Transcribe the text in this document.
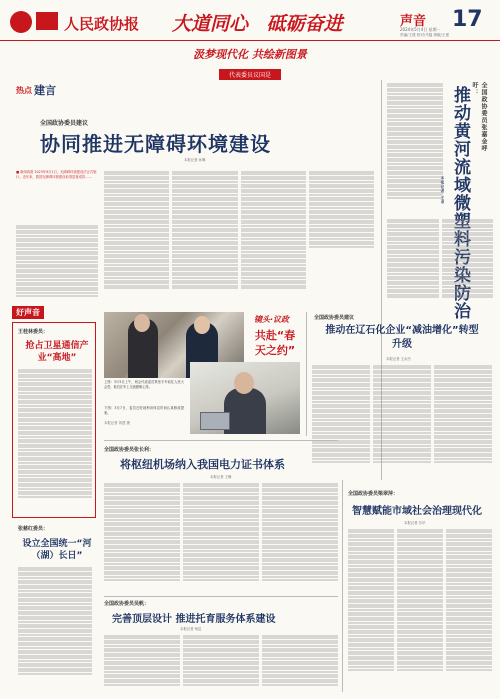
人民政协报 大道同心 砥砺奋进	声音 17
2024年5月4日 星期一
责编/王建 校对/马磊 排版/王建
汲梦现代化 共绘新图景
代表委员议国是
热点 建言
全国政协委员建议
协同推进无障碍环境建设
本报记者 孙琳
■ 新闻视窗 2023年9月1日，无障碍环境建设法正式施行。近年来，我国无障碍环境建设取得显著成效……
全国政协委员张嘉金呼吁：
推动黄河流域微塑料污染防治
本报记者 王卓
好声音
王桂林委员：
抢占卫星通信产业“高地”
张慈红委员：
设立全国统一“河（湖）长日”
镜头·议政
共赴“春天之约”
上图：3月5日上午，两会代表委员乘坐专车前往人民大会堂，他们在车上交流履职心得。
下图：3月7日，委员在驻地利用休息时间认真修改提案。
本报记者 刘建 摄
全国政协委员建议
推动在辽石化企业“减油增化”转型升级
本报记者 王余杰
全国政协委员张长利：
将枢纽机场纳入我国电力证书体系
本报记者 王琳
全国政协委员梁翠萍：
智慧赋能市域社会治理现代化
本报记者 苏华
全国政协委员吴帆：
完善顶层设计 推进托育服务体系建设
本报记者 杨昆
